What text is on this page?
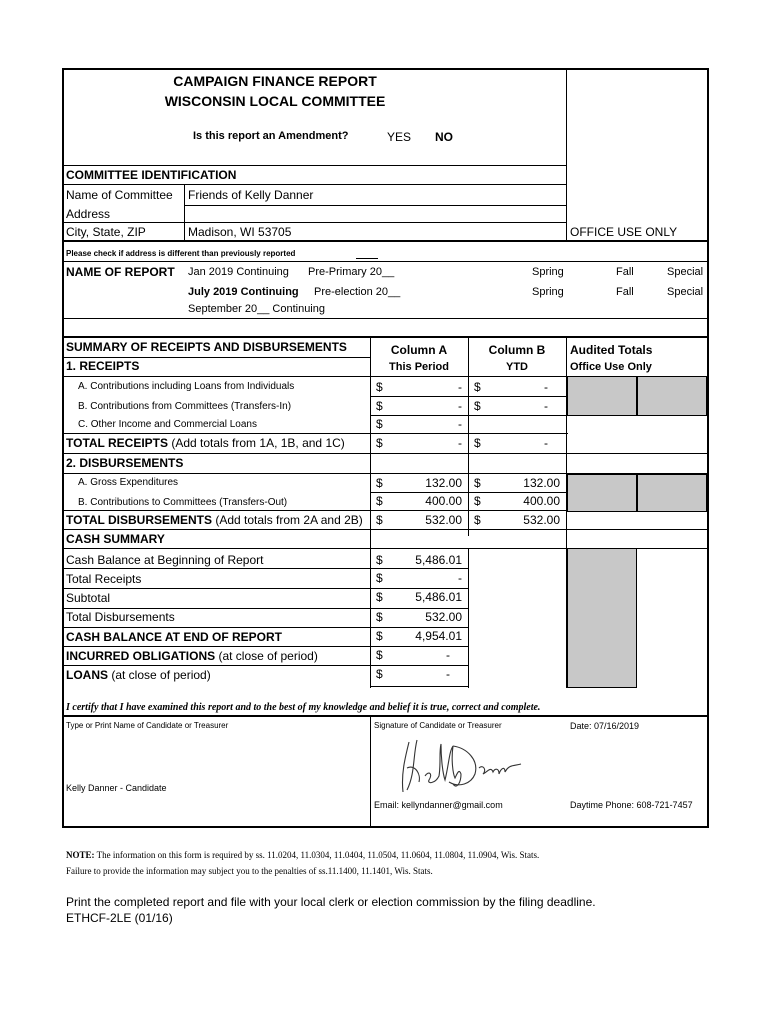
CAMPAIGN FINANCE REPORT
WISCONSIN LOCAL COMMITTEE
Is this report an Amendment?	YES NO
COMMITTEE IDENTIFICATION
Name of Committee Friends of Kelly Danner
Address
City, State, ZIP	Madison, WI 53705	OFFICE USE ONLY
Please check if address is different than previously reported
NAME OF REPORT Jan 2019 Continuing Pre-Primary 20__	Spring	Fall	Special
July 2019 Continuing Pre-election 20__	Spring	Fall	Special
September 20__ Continuing
SUMMARY OF RECEIPTS AND DISBURSEMENTS
1. RECEIPTS
Column A
This Period
Column B
YTD
Audited Totals
Office Use Only
A. Contributions including Loans from Individuals	$	- $	-
B. Contributions from Committees (Transfers-In)	$	- $	-
C. Other Income and Commercial Loans	$	-
TOTAL RECEIPTS (Add totals from 1A, 1B, and 1C)	$	- $	-
2. DISBURSEMENTS
A. Gross Expenditures	$	132.00 $	132.00
B. Contributions to Committees (Transfers-Out)	$	400.00 $	400.00
TOTAL DISBURSEMENTS (Add totals from 2A and 2B) $	532.00 $	532.00
CASH SUMMARY
Cash Balance at Beginning of Report	$	5,486.01
Total Receipts	$	-
Subtotal	$	5,486.01
Total Disbursements	$	532.00
CASH BALANCE AT END OF REPORT	$	4,954.01
INCURRED OBLIGATIONS (at close of period)	$	-
LOANS (at close of period)	$	-
I certify that I have examined this report and to the best of my knowledge and belief it is true, correct and complete.
Type or Print Name of Candidate or Treasurer	Signature of Candidate or Treasurer	Date: 07/16/2019
Kelly Danner - Candidate
Email: kellyndanner@gmail.com	Daytime Phone: 608-721-7457
NOTE: The information on this form is required by ss. 11.0204, 11.0304, 11.0404, 11.0504, 11.0604, 11.0804, 11.0904, Wis. Stats.
Failure to provide the information may subject you to the penalties of ss.11.1400, 11.1401, Wis. Stats.
Print the completed report and file with your local clerk or election commission by the filing deadline.
ETHCF-2LE (01/16)
